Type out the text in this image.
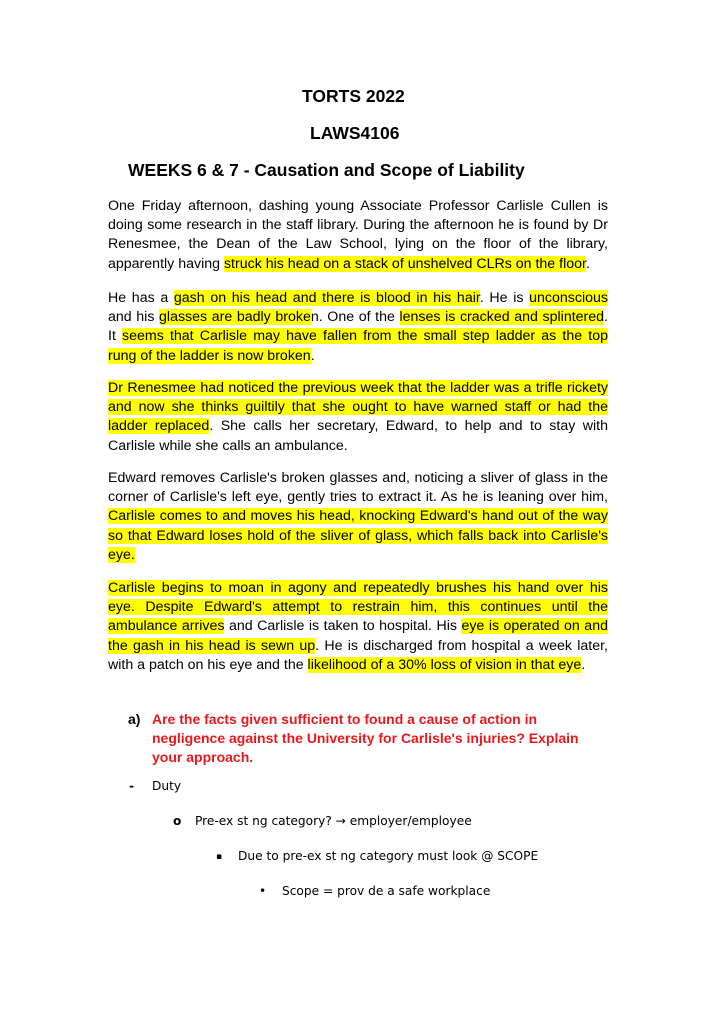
TORTS 2022
LAWS4106
WEEKS 6 & 7 - Causation and Scope of Liability
One Friday afternoon, dashing young Associate Professor Carlisle Cullen is doing some research in the staff library. During the afternoon he is found by Dr Renesmee, the Dean of the Law School, lying on the floor of the library, apparently having struck his head on a stack of unshelved CLRs on the floor.
He has a gash on his head and there is blood in his hair. He is unconscious and his glasses are badly broken. One of the lenses is cracked and splintered. It seems that Carlisle may have fallen from the small step ladder as the top rung of the ladder is now broken.
Dr Renesmee had noticed the previous week that the ladder was a trifle rickety and now she thinks guiltily that she ought to have warned staff or had the ladder replaced. She calls her secretary, Edward, to help and to stay with Carlisle while she calls an ambulance.
Edward removes Carlisle's broken glasses and, noticing a sliver of glass in the corner of Carlisle's left eye, gently tries to extract it. As he is leaning over him, Carlisle comes to and moves his head, knocking Edward's hand out of the way so that Edward loses hold of the sliver of glass, which falls back into Carlisle's eye.
Carlisle begins to moan in agony and repeatedly brushes his hand over his eye. Despite Edward's attempt to restrain him, this continues until the ambulance arrives and Carlisle is taken to hospital. His eye is operated on and the gash in his head is sewn up. He is discharged from hospital a week later, with a patch on his eye and the likelihood of a 30% loss of vision in that eye.
a) Are the facts given sufficient to found a cause of action in negligence against the University for Carlisle's injuries? Explain your approach.
- Duty
o Pre-ex st ng category? → employer/employee
▪ Due to pre-ex st ng category must look @ SCOPE
• Scope = prov de a safe workplace
